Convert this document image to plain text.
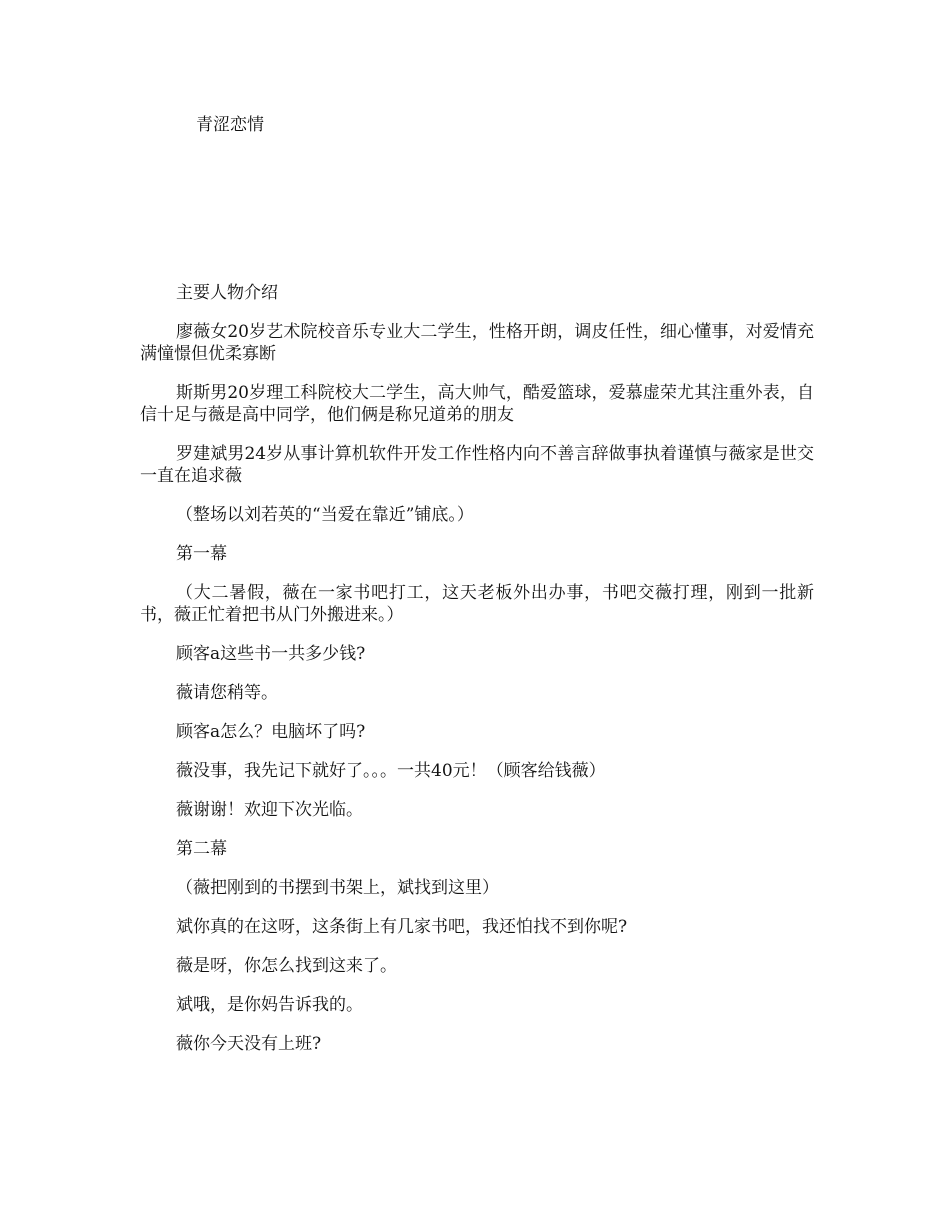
青涩恋情

主要人物介绍

廖薇女20岁艺术院校音乐专业大二学生，性格开朗，调皮任性，细心懂事，对爱情充满憧憬但优柔寡断

斯斯男20岁理工科院校大二学生，高大帅气，酷爱篮球，爱慕虚荣尤其注重外表，自信十足与薇是高中同学，他们俩是称兄道弟的朋友

罗建斌男24岁从事计算机软件开发工作性格内向不善言辞做事执着谨慎与薇家是世交一直在追求薇

（整场以刘若英的“当爱在靠近”铺底。）

第一幕

（大二暑假，薇在一家书吧打工，这天老板外出办事，书吧交薇打理，刚到一批新书，薇正忙着把书从门外搬进来。）

顾客a这些书一共多少钱?

薇请您稍等。

顾客a怎么？电脑坏了吗?

薇没事，我先记下就好了。。。一共40元！（顾客给钱薇）

薇谢谢！欢迎下次光临。

第二幕

（薇把刚到的书摆到书架上，斌找到这里）

斌你真的在这呀，这条街上有几家书吧，我还怕找不到你呢?

薇是呀，你怎么找到这来了。

斌哦，是你妈告诉我的。

薇你今天没有上班?
